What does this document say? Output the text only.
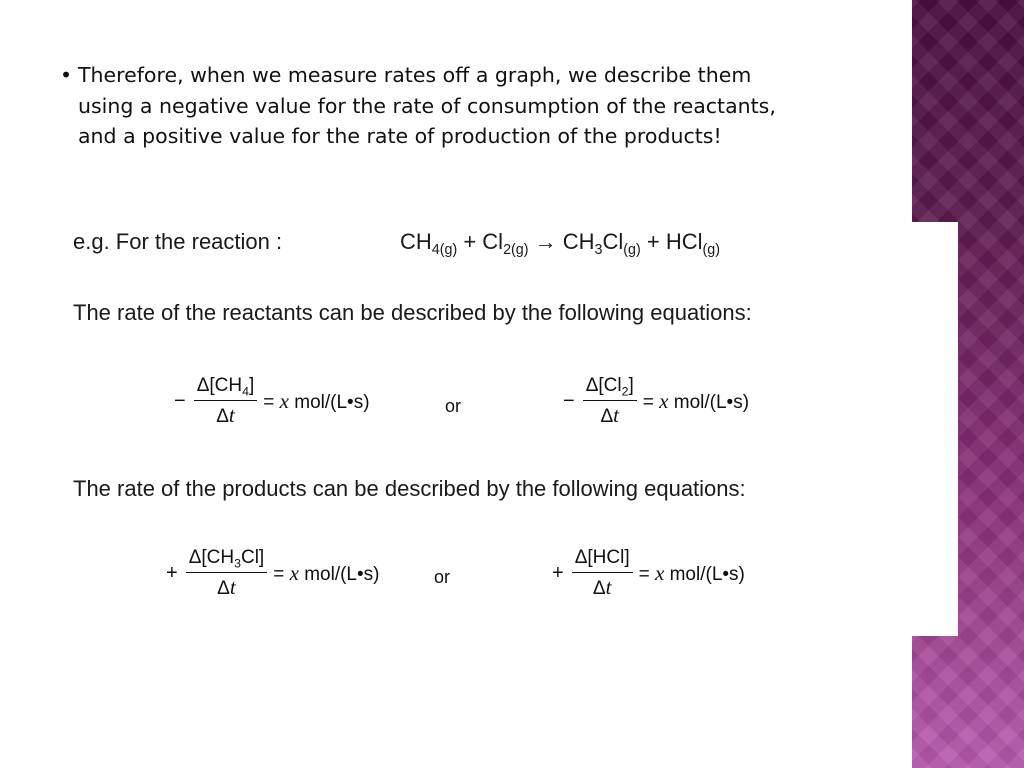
• Therefore, when we measure rates off a graph, we describe them using a negative value for the rate of consumption of the reactants, and a positive value for the rate of production of the products!
e.g. For the reaction :	$CH_{4(g)} + Cl_{2(g)} \to CH_3Cl_{(g)} + HCl_{(g)}$
The rate of the reactants can be described by the following equations:
− $\frac{\Delta[CH_4]}{\Delta t} = x$ mol/(L•s)	or	− $\frac{\Delta[Cl_2]}{\Delta t} = x$ mol/(L•s)
The rate of the products can be described by the following equations:
+ $\frac{\Delta[CH_3Cl]}{\Delta t} = x$ mol/(L•s)	or	+ $\frac{\text{Δ[HCl]}}{\Delta t} = x$ mol/(L•s)
